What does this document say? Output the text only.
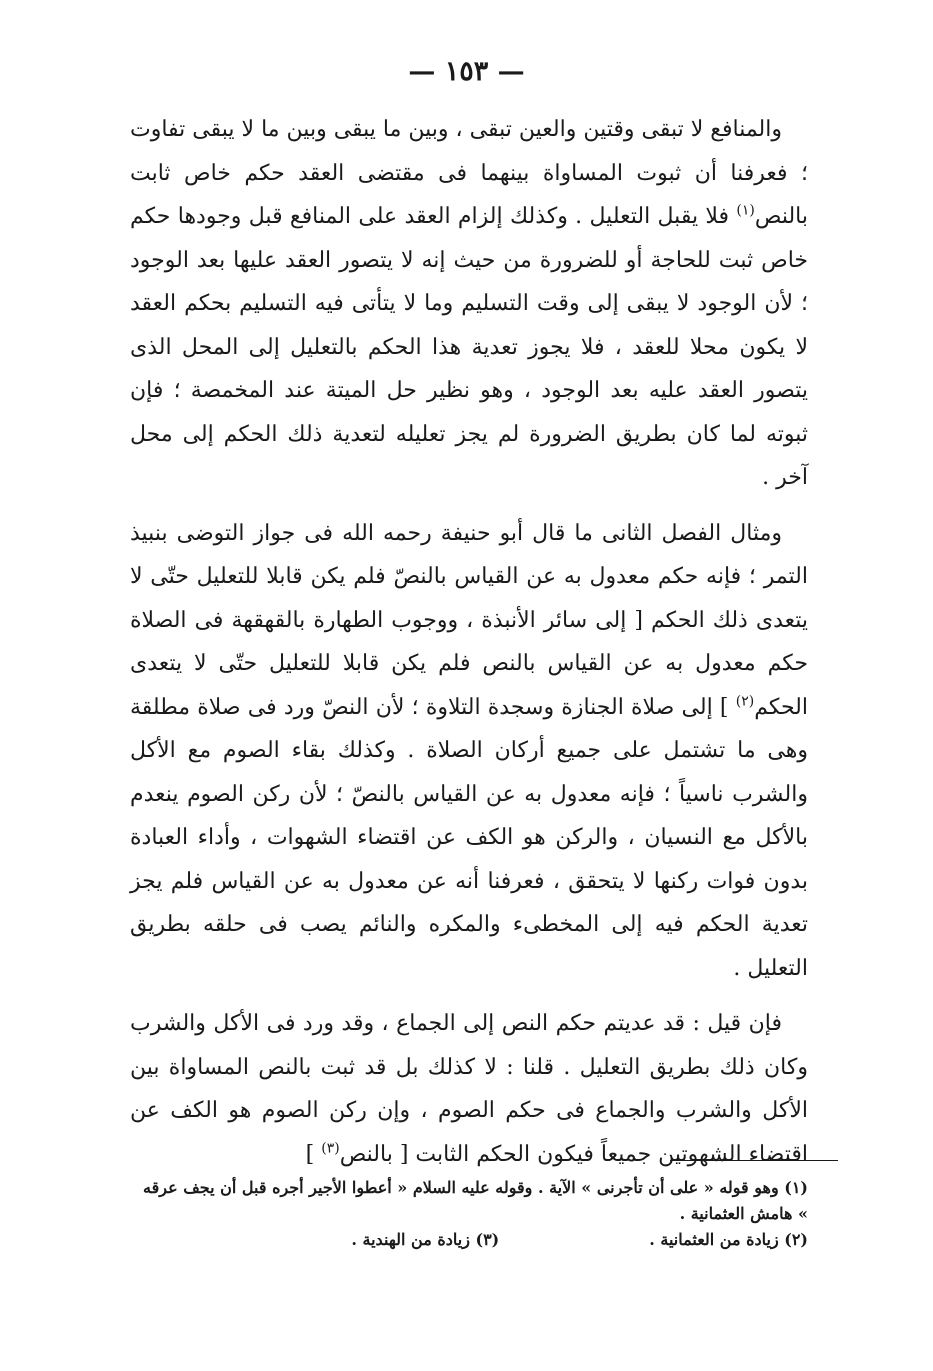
— ١٥٣ —

والمنافع لا تبقى وقتين والعين تبقى ، وبين ما يبقى وبين ما لا يبقى تفاوت ؛ فعرفنا أن ثبوت المساواة بينهما فى مقتضى العقد حكم خاص ثابت بالنص$^{(١)}$ فلا يقبل التعليل . وكذلك إلزام العقد على المنافع قبل وجودها حكم خاص ثبت للحاجة أو للضرورة من حيث إنه لا يتصور العقد عليها بعد الوجود ؛ لأن الوجود لا يبقى إلى وقت التسليم وما لا يتأتى فيه التسليم بحكم العقد لا يكون محلا للعقد ، فلا يجوز تعدية هذا الحكم بالتعليل إلى المحل الذى يتصور العقد عليه بعد الوجود ، وهو نظير حل الميتة عند المخمصة ؛ فإن ثبوته لما كان بطريق الضرورة لم يجز تعليله لتعدية ذلك الحكم إلى محل آخر .

ومثال الفصل الثانى ما قال أبو حنيفة رحمه الله فى جواز التوضى بنبيذ التمر ؛ فإنه حكم معدول به عن القياس بالنصّ فلم يكن قابلا للتعليل حتّى لا يتعدى ذلك الحكم [ إلى سائر الأنبذة ، ووجوب الطهارة بالقهقهة فى الصلاة حكم معدول به عن القياس بالنص فلم يكن قابلا للتعليل حتّى لا يتعدى الحكم$^{(٢)}$ ] إلى صلاة الجنازة وسجدة التلاوة ؛ لأن النصّ ورد فى صلاة مطلقة وهى ما تشتمل على جميع أركان الصلاة . وكذلك بقاء الصوم مع الأكل والشرب ناسياً ؛ فإنه معدول به عن القياس بالنصّ ؛ لأن ركن الصوم ينعدم بالأكل مع النسيان ، والركن هو الكف عن اقتضاء الشهوات ، وأداء العبادة بدون فوات ركنها لا يتحقق ، فعرفنا أنه عن معدول به عن القياس فلم يجز تعدية الحكم فيه إلى المخطىء والمكره والنائم يصب فى حلقه بطريق التعليل .

فإن قيل : قد عديتم حكم النص إلى الجماع ، وقد ورد فى الأكل والشرب وكان ذلك بطريق التعليل . قلنا : لا كذلك بل قد ثبت بالنص المساواة بين الأكل والشرب والجماع فى حكم الصوم ، وإن ركن الصوم هو الكف عن اقتضاء الشهوتين جميعاً فيكون الحكم الثابت [ بالنص$^{(٣)}$ ]

(١) وهو قوله « على أن تأجرنى » الآية . وقوله عليه السلام « أعطوا الأجير أجره قبل أن يجف عرقه » هامش العثمانية .

(٢) زيادة من العثمانية .

(٣) زيادة من الهندية .
